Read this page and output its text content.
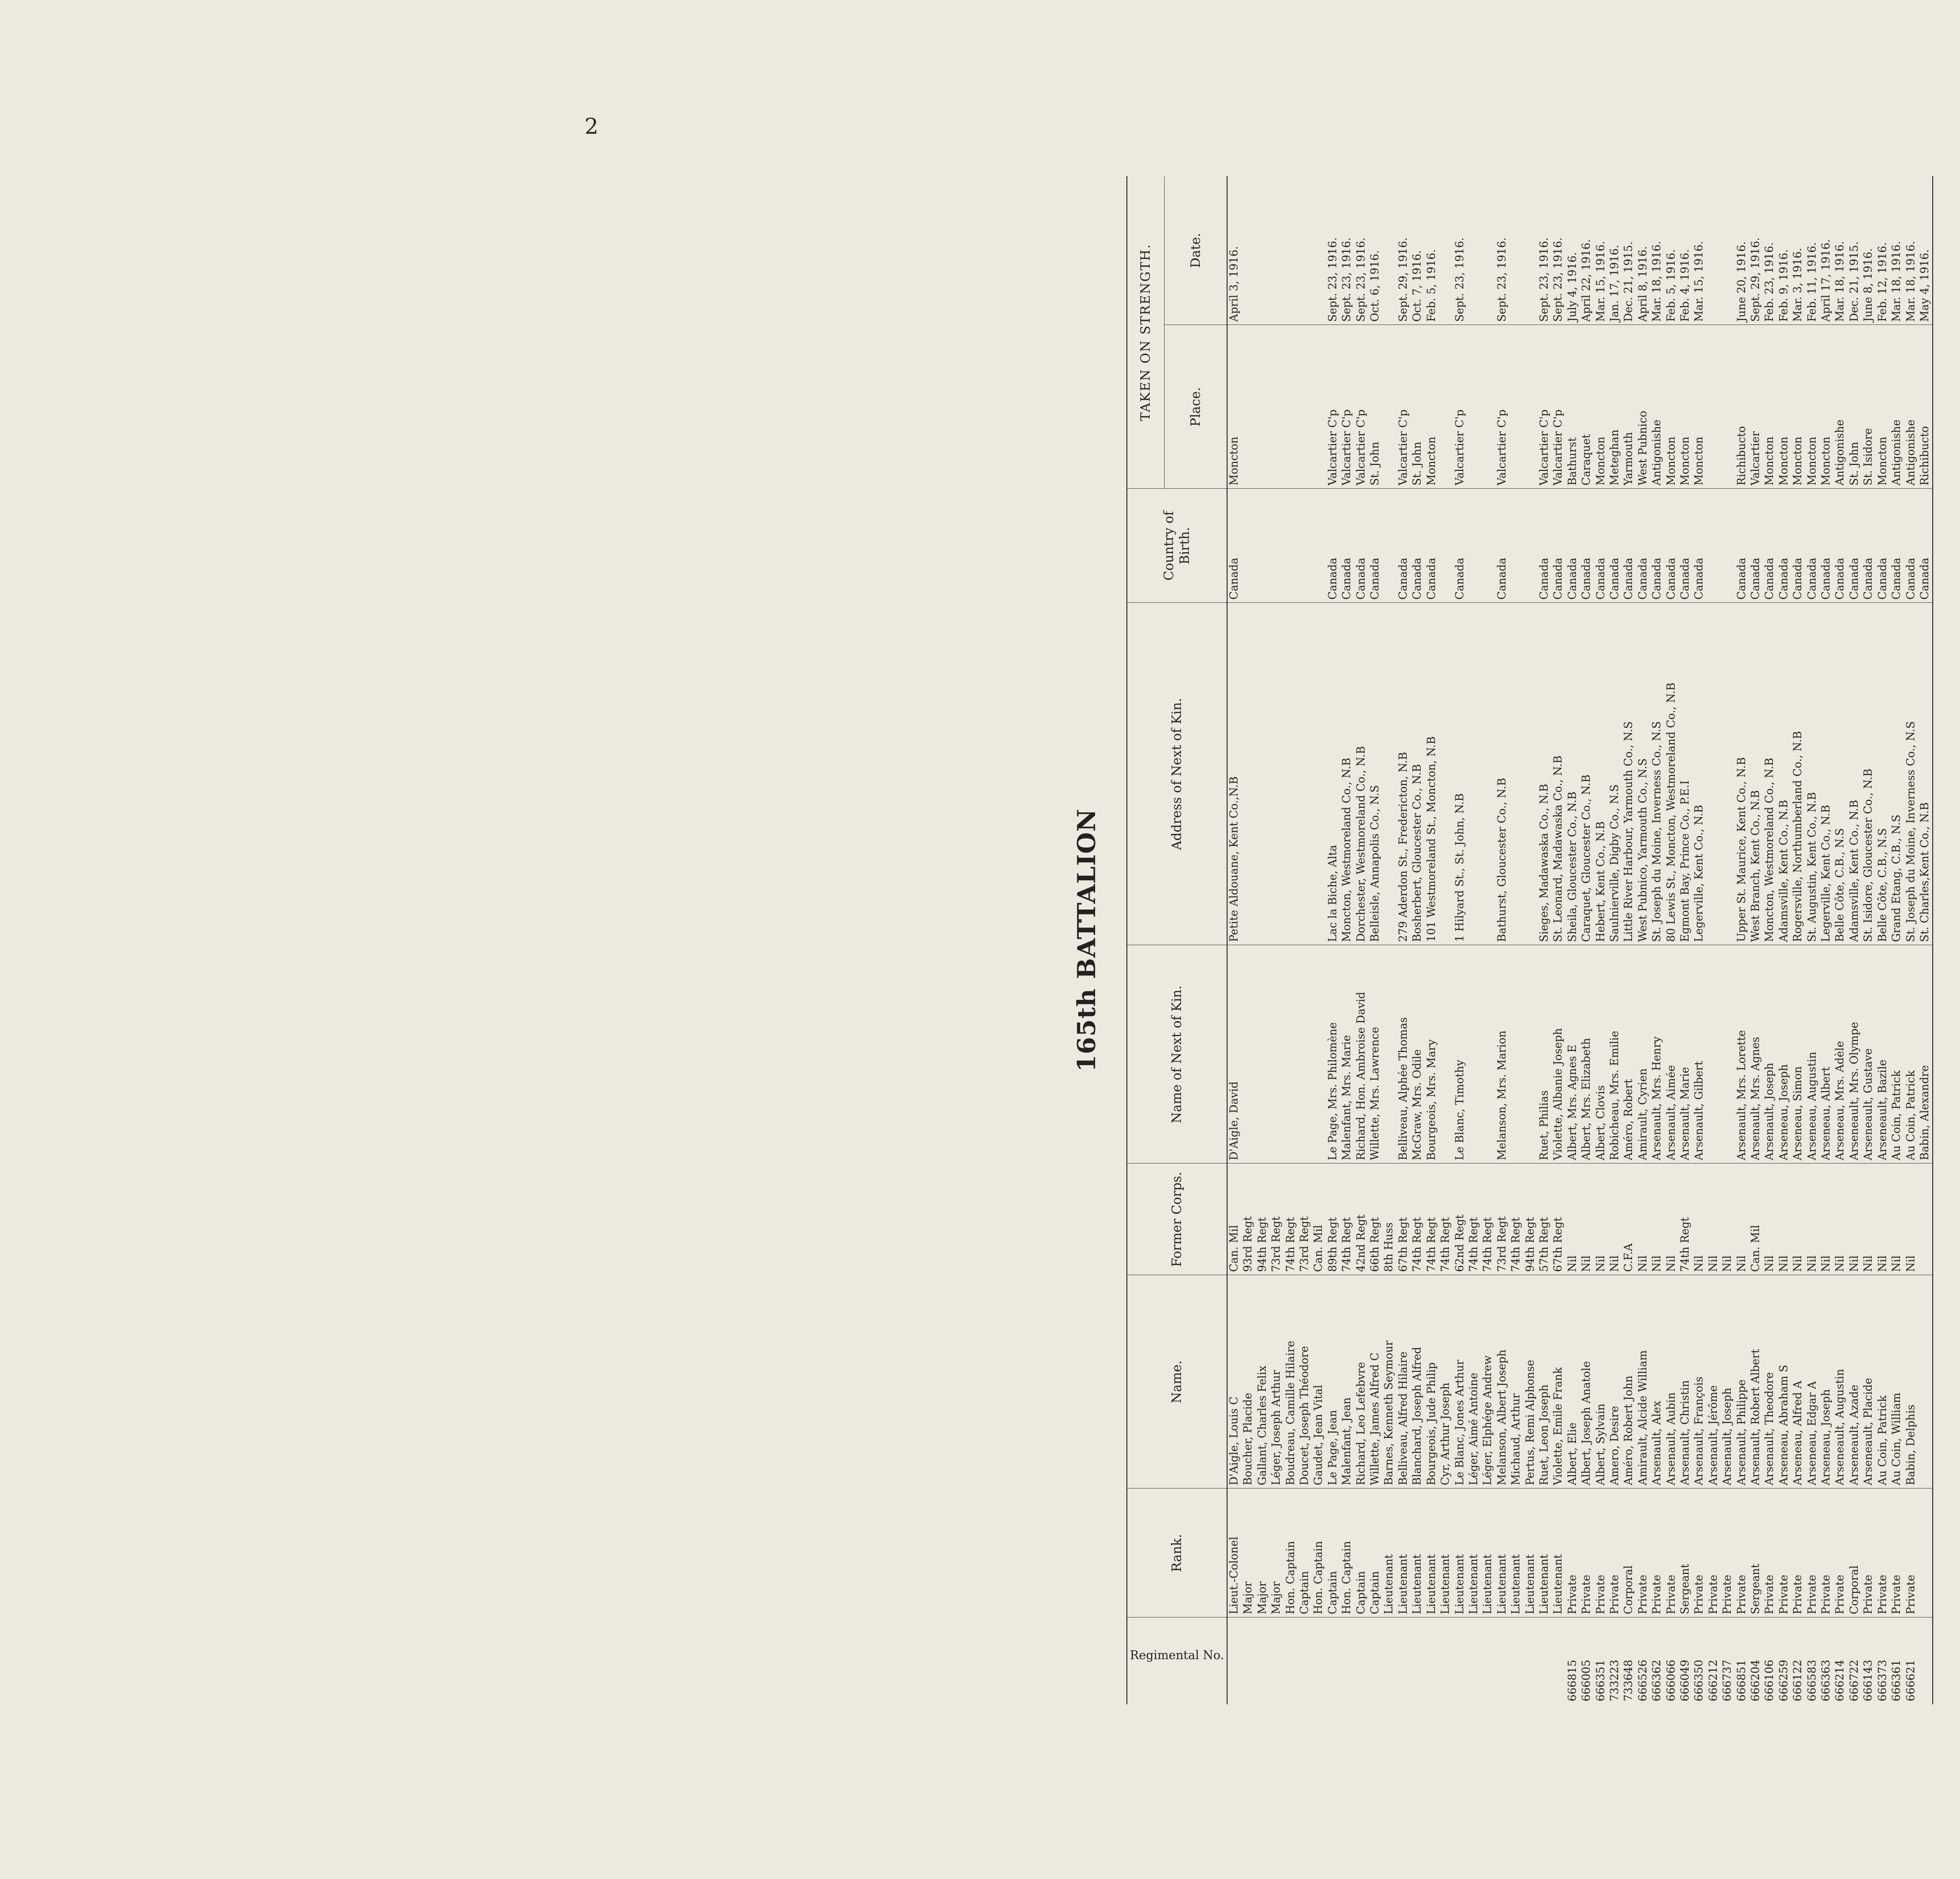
2
165th BATTALION
Regimental No.	Rank.	Name.	Former Corps.	Name of Next of Kin.	Address of Next of Kin.	Country of Birth.	TAKEN ON STRENGTH.	
							Place.	Date.
	Lieut.-Colonel	D'Aigle, Louis C	Can. Mil	D'Aigle, David	Petite Aldouane, Kent Co.,N.B	Canada	Moncton	April 3, 1916.
	Major	Boucher, Placide	93rd Regt					
	Major	Gallant, Charles Felix	94th Regt					
	Major	Léger, Joseph Arthur	73rd Regt					
	Hon. Captain	Boudreau, Camille Hilaire	74th Regt					
	Captain	Doucet, Joseph Théodore	73rd Regt					
	Hon. Captain	Gaudet, Jean Vital	Can. Mil					
	Captain	Le Page, Jean	89th Regt	Le Page, Mrs. Philomène	Lac la Biche, Alta	Canada	Valcartier C'p	Sept. 23, 1916.
	Hon. Captain	Malenfant, Jean	74th Regt	Malenfant, Mrs. Marie	Moncton, Westmoreland Co., N.B	Canada	Valcartier C'p	Sept. 23, 1916.
	Captain	Richard, Leo Lefebvre	42nd Regt	Richard, Hon. Ambroise David	Dorchester, Westmoreland Co., N.B	Canada	Valcartier C'p	Sept. 23, 1916.
	Captain	Willette, James Alfred C	66th Regt	Willette, Mrs. Lawrence	Belleisle, Annapolis Co., N.S	Canada	St. John	Oct. 6, 1916.
	Lieutenant	Barnes, Kenneth Seymour	8th Huss					
	Lieutenant	Belliveau, Alfred Hilaire	67th Regt	Belliveau, Alphée Thomas	279 Aderdon St., Fredericton, N.B	Canada	Valcartier C'p	Sept. 29, 1916.
	Lieutenant	Blanchard, Joseph Alfred	74th Regt	McGraw, Mrs. Odile	Bosherbert, Gloucester Co., N.B	Canada	St. John	Oct. 7, 1916.
	Lieutenant	Bourgeois, Jude Philip	74th Regt	Bourgeois, Mrs. Mary	101 Westmoreland St., Moncton, N.B	Canada	Moncton	Feb. 5, 1916.
	Lieutenant	Cyr, Arthur Joseph	74th Regt					
	Lieutenant	Le Blanc, Jones Arthur	62nd Regt	Le Blanc, Timothy	1 Hilyard St., St. John, N.B	Canada	Valcartier C'p	Sept. 23, 1916.
	Lieutenant	Léger, Aimé Antoine	74th Regt					
	Lieutenant	Léger, Elphége Andrew	74th Regt					
	Lieutenant	Melanson, Albert Joseph	73rd Regt	Melanson, Mrs. Marion	Bathurst, Gloucester Co., N.B	Canada	Valcartier C'p	Sept. 23, 1916.
	Lieutenant	Michaud, Arthur	74th Regt					
	Lieutenant	Pertus, Remi Alphonse	94th Regt					
	Lieutenant	Ruet, Leon Joseph	57th Regt	Ruet, Philias	Sieges, Madawaska Co., N.B	Canada	Valcartier C'p	Sept. 23, 1916.
	Lieutenant	Violette, Emile Frank	67th Regt	Violette, Albanie Joseph	St. Leonard, Madawaska Co., N.B	Canada	Valcartier C'p	Sept. 23, 1916.
666815	Private	Albert, Elie	Nil	Albert, Mrs. Agnes E	Sheila, Gloucester Co., N.B	Canada	Bathurst	July 4, 1916.
666005	Private	Albert, Joseph Anatole	Nil	Albert, Mrs. Elizabeth	Caraquet, Gloucester Co., N.B	Canada	Caraquet	April 22, 1916.
666351	Private	Albert, Sylvain	Nil	Albert, Clovis	Hebert, Kent Co., N.B	Canada	Moncton	Mar. 15, 1916.
733223	Private	Amero, Desire	Nil	Robicheau, Mrs. Emilie	Saulnierville, Digby Co., N.S	Canada	Meteghan	Jan. 17, 1916.
733648	Corporal	Améro, Robert John	C.F.A	Améro, Robert	Little River Harbour, Yarmouth Co., N.S	Canada	Yarmouth	Dec. 21, 1915.
666526	Private	Amirault, Alcide William	Nil	Amirault, Cyrien	West Pubnico, Yarmouth Co., N.S	Canada	West Pubnico	April 8, 1916.
666362	Private	Arsenault, Alex	Nil	Arsenault, Mrs. Henry	St. Joseph du Moine, Inverness Co., N.S	Canada	Antigonishe	Mar. 18, 1916.
666066	Private	Arsenault, Aubin	Nil	Arsenault, Aimée	80 Lewis St., Moncton, Westmoreland Co., N.B	Canada	Moncton	Feb. 5, 1916.
666049	Sergeant	Arsenault, Christin	74th Regt	Arsenault, Marie	Egmont Bay, Prince Co., P.E.I	Canada	Moncton	Feb. 4, 1916.
666350	Private	Arsenault, François	Nil	Arsenault, Gilbert	Legerville, Kent Co., N.B	Canada	Moncton	Mar. 15, 1916.
666212	Private	Arsenault, Jérôme	Nil					
666737	Private	Arsenault, Joseph	Nil					
666851	Private	Arsenault, Philippe	Nil	Arsenault, Mrs. Lorette	Upper St. Maurice, Kent Co., N.B	Canada	Richibucto	June 20, 1916.
666204	Sergeant	Arsenault, Robert Albert	Can. Mil	Arsenault, Mrs. Agnes	West Branch, Kent Co., N.B	Canada	Valcartier	Sept. 29, 1916.
666106	Private	Arsenault, Theodore	Nil	Arsenault, Joseph	Moncton, Westmoreland Co., N.B	Canada	Moncton	Feb. 23, 1916.
666259	Private	Arseneau, Abraham S	Nil	Arseneau, Joseph	Adamsville, Kent Co., N.B	Canada	Moncton	Feb. 9, 1916.
666122	Private	Arseneau, Alfred A	Nil	Arseneau, Simon	Rogersville, Northumberland Co., N.B	Canada	Moncton	Mar. 3, 1916.
666583	Private	Arseneau, Edgar A	Nil	Arseneau, Augustin	St. Augustin, Kent Co., N.B	Canada	Moncton	Feb. 11, 1916.
666363	Private	Arseneau, Joseph	Nil	Arseneau, Albert	Legerville, Kent Co., N.B	Canada	Moncton	April 17, 1916.
666214	Private	Arseneault, Augustin	Nil	Arseneau, Mrs. Adèle	Belle Côte, C.B., N.S	Canada	Antigonishe	Mar. 18, 1916.
666722	Corporal	Arseneault, Azade	Nil	Arseneault, Mrs. Olympe	Adamsville, Kent Co., N.B	Canada	St. John	Dec. 21, 1915.
666143	Private	Arseneault, Placide	Nil	Arseneault, Gustave	St. Isidore, Gloucester Co., N.B	Canada	St. Isidore	June 8, 1916.
666373	Private	Au Coin, Patrick	Nil	Arseneault, Bazile	Belle Côte, C.B., N.S	Canada	Moncton	Feb. 12, 1916.
666361	Private	Au Coin, William	Nil	Au Coin, Patrick	Grand Etang, C.B., N.S	Canada	Antigonishe	Mar. 18, 1916.
666621	Private	Babin, Delphis	Nil	Au Coin, Patrick	St. Joseph du Moine, Inverness Co., N.S	Canada	Antigonishe	Mar. 18, 1916.
				Babin, Alexandre	St. Charles,Kent Co., N.B	Canada	Richibucto	May 4, 1916.
